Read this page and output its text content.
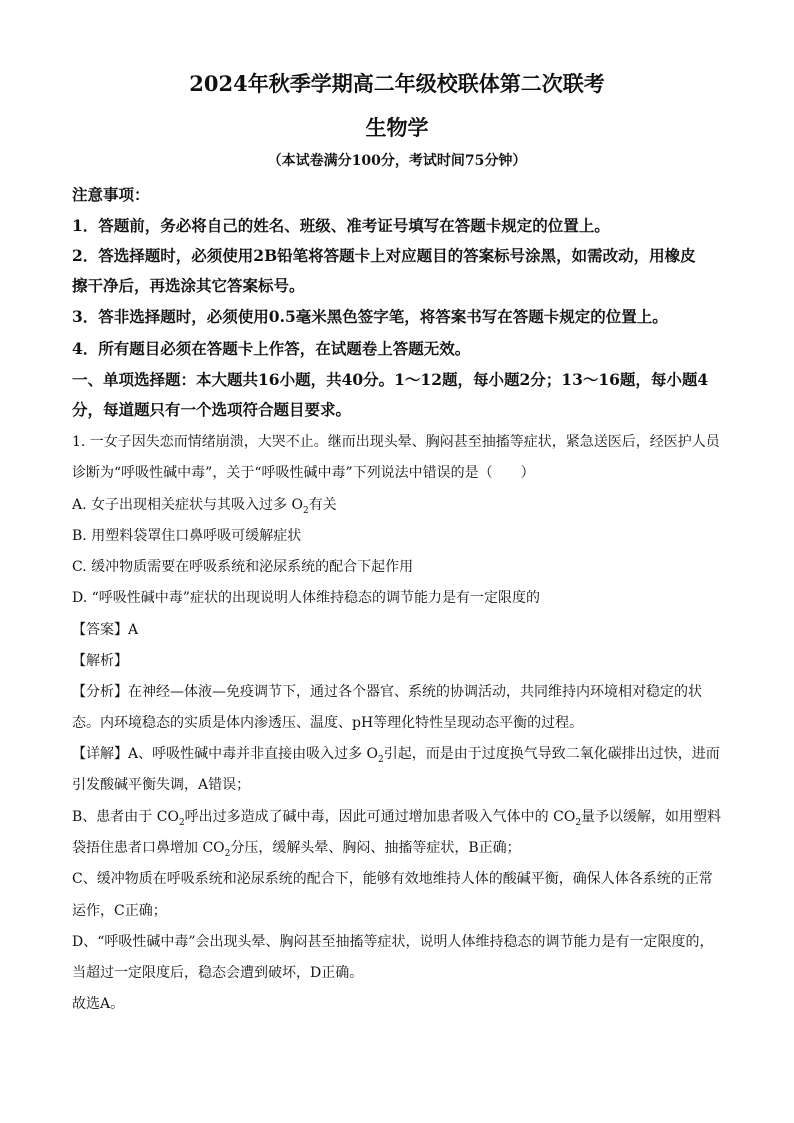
2024年秋季学期高二年级校联体第二次联考
生物学
（本试卷满分100分，考试时间75分钟）
注意事项：
1．答题前，务必将自己的姓名、班级、准考证号填写在答题卡规定的位置上。
2．答选择题时，必须使用2B铅笔将答题卡上对应题目的答案标号涂黑，如需改动，用橡皮
擦干净后，再选涂其它答案标号。
3．答非选择题时，必须使用0.5毫米黑色签字笔，将答案书写在答题卡规定的位置上。
4．所有题目必须在答题卡上作答，在试题卷上答题无效。
一、单项选择题：本大题共16小题，共40分。1～12题，每小题2分；13～16题，每小题4
分，每道题只有一个选项符合题目要求。
1. 一女子因失恋而情绪崩溃，大哭不止。继而出现头晕、胸闷甚至抽搐等症状，紧急送医后，经医护人员
诊断为“呼吸性碱中毒”，关于“呼吸性碱中毒”下列说法中错误的是（　　）
A. 女子出现相关症状与其吸入过多 $O_2$有关
B. 用塑料袋罩住口鼻呼吸可缓解症状
C. 缓冲物质需要在呼吸系统和泌尿系统的配合下起作用
D. “呼吸性碱中毒”症状的出现说明人体维持稳态的调节能力是有一定限度的
【答案】A
【解析】
【分析】在神经—体液—免疫调节下，通过各个器官、系统的协调活动，共同维持内环境相对稳定的状
态。内环境稳态的实质是体内渗透压、温度、pH等理化特性呈现动态平衡的过程。
【详解】A、呼吸性碱中毒并非直接由吸入过多 $O_2$引起，而是由于过度换气导致二氧化碳排出过快，进而
引发酸碱平衡失调，A错误；
B、患者由于 $CO_2$呼出过多造成了碱中毒，因此可通过增加患者吸入气体中的 $CO_2$量予以缓解，如用塑料
袋捂住患者口鼻增加 $CO_2$分压，缓解头晕、胸闷、抽搐等症状，B正确；
C、缓冲物质在呼吸系统和泌尿系统的配合下，能够有效地维持人体的酸碱平衡，确保人体各系统的正常
运作，C正确；
D、“呼吸性碱中毒”会出现头晕、胸闷甚至抽搐等症状，说明人体维持稳态的调节能力是有一定限度的，
当超过一定限度后，稳态会遭到破坏，D正确。
故选A。
